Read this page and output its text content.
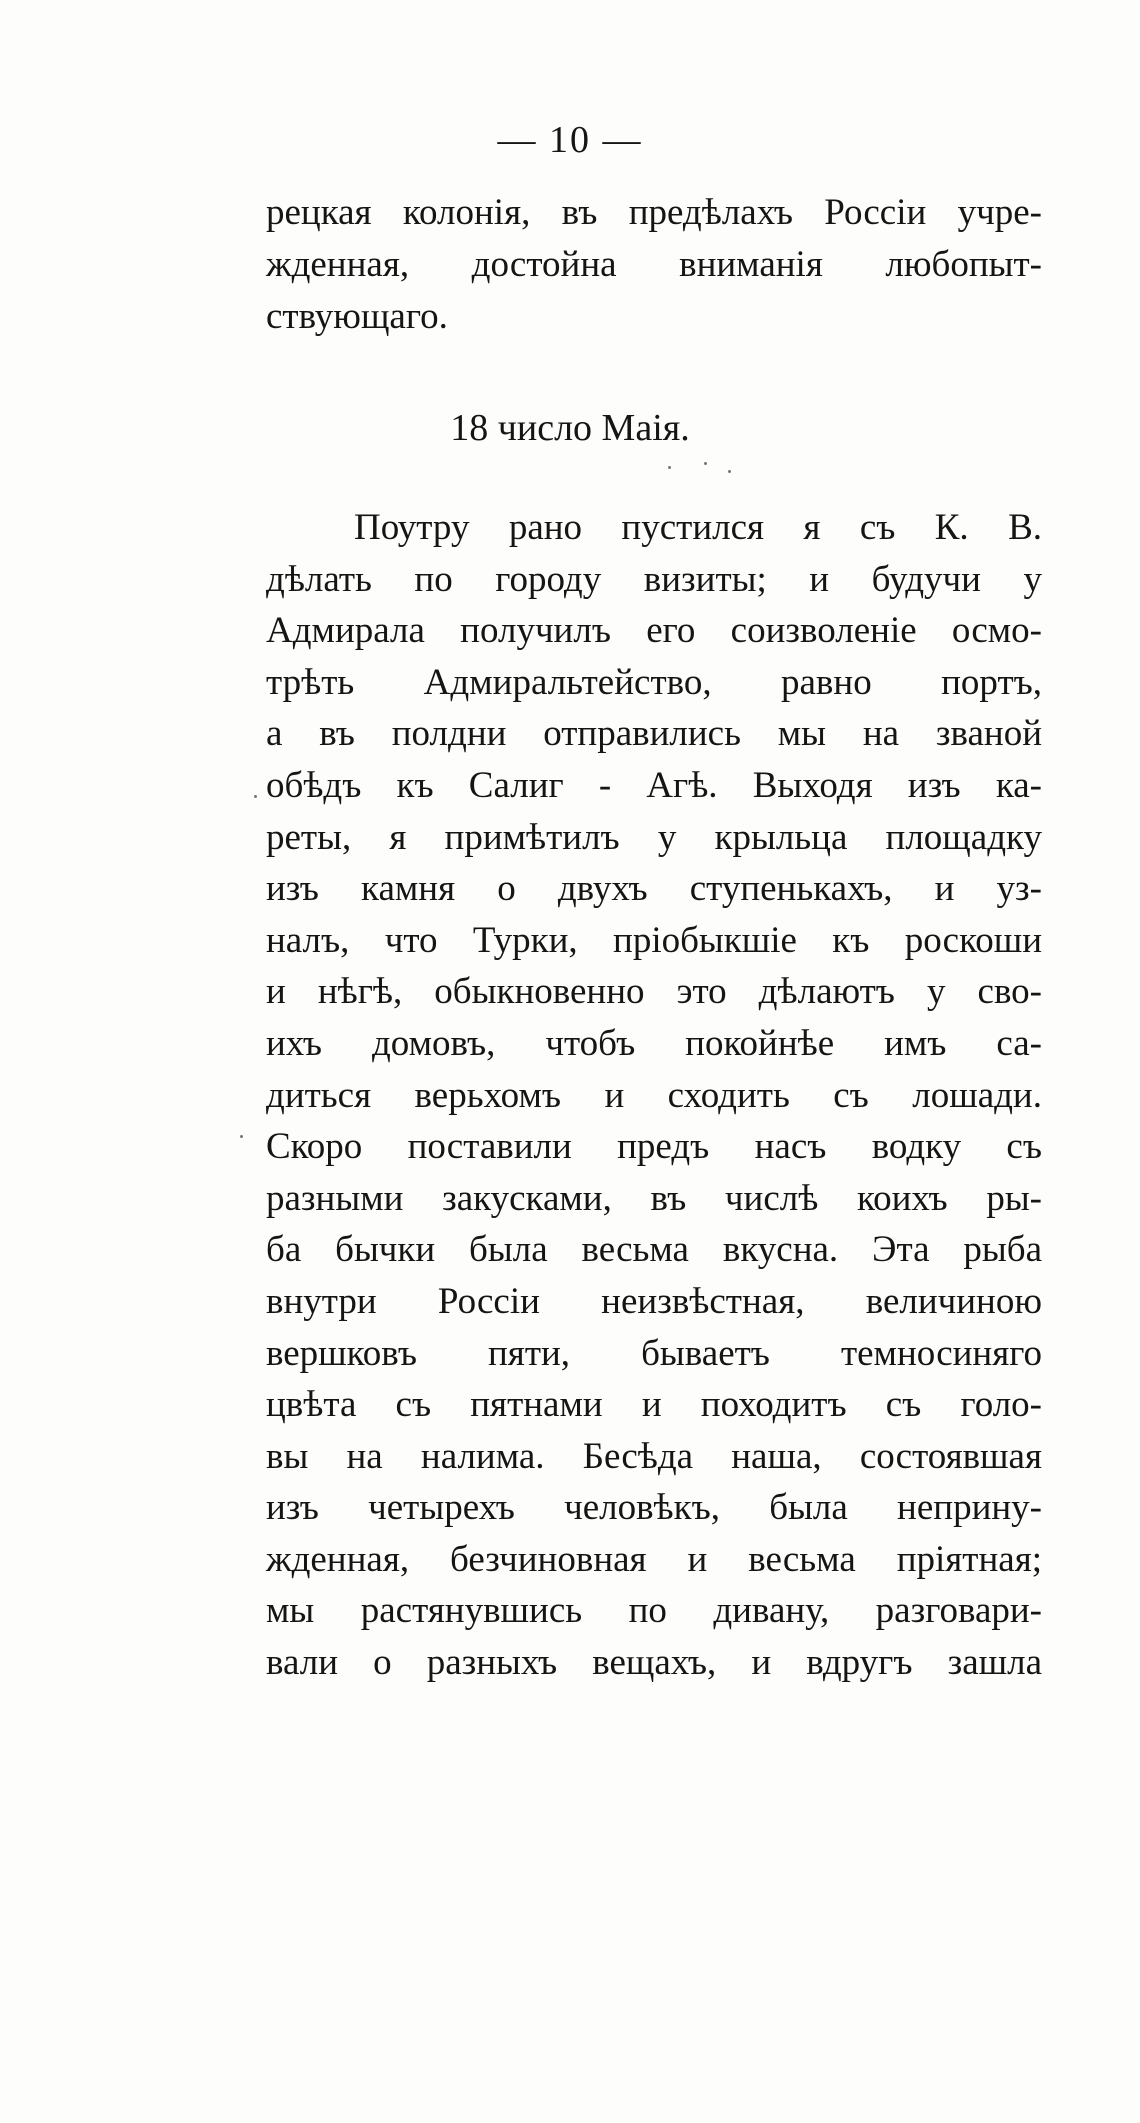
— 10 —
рецкая колонія, въ предѣлахъ Россіи учре-
жденная, достойна вниманія любопыт-
ствующаго.
18 число Маія.
Поутру рано пустился я съ К. В.
дѣлать по городу визиты; и будучи у
Адмирала получилъ его соизволеніе осмо-
трѣть Адмиральтейство, равно портъ,
а въ полдни отправились мы на званой
обѣдъ къ Салиг - Агѣ. Выходя изъ ка-
реты, я примѣтилъ у крыльца площадку
изъ камня о двухъ ступенькахъ, и уз-
налъ, что Турки, пріобыкшіе къ роскоши
и нѣгѣ, обыкновенно это дѣлаютъ у сво-
ихъ домовъ, чтобъ покойнѣе имъ са-
диться верьхомъ и сходить съ лошади.
Скоро поставили предъ насъ водку съ
разными закусками, въ числѣ коихъ ры-
ба бычки была весьма вкусна. Эта рыба
внутри Россіи неизвѣстная, величиною
вершковъ пяти, бываетъ темносиняго
цвѣта съ пятнами и походитъ съ голо-
вы на налима. Бесѣда наша, состоявшая
изъ четырехъ человѣкъ, была неприну-
жденная, безчиновная и весьма пріятная;
мы растянувшись по дивану, разговари-
вали о разныхъ вещахъ, и вдругъ зашла
